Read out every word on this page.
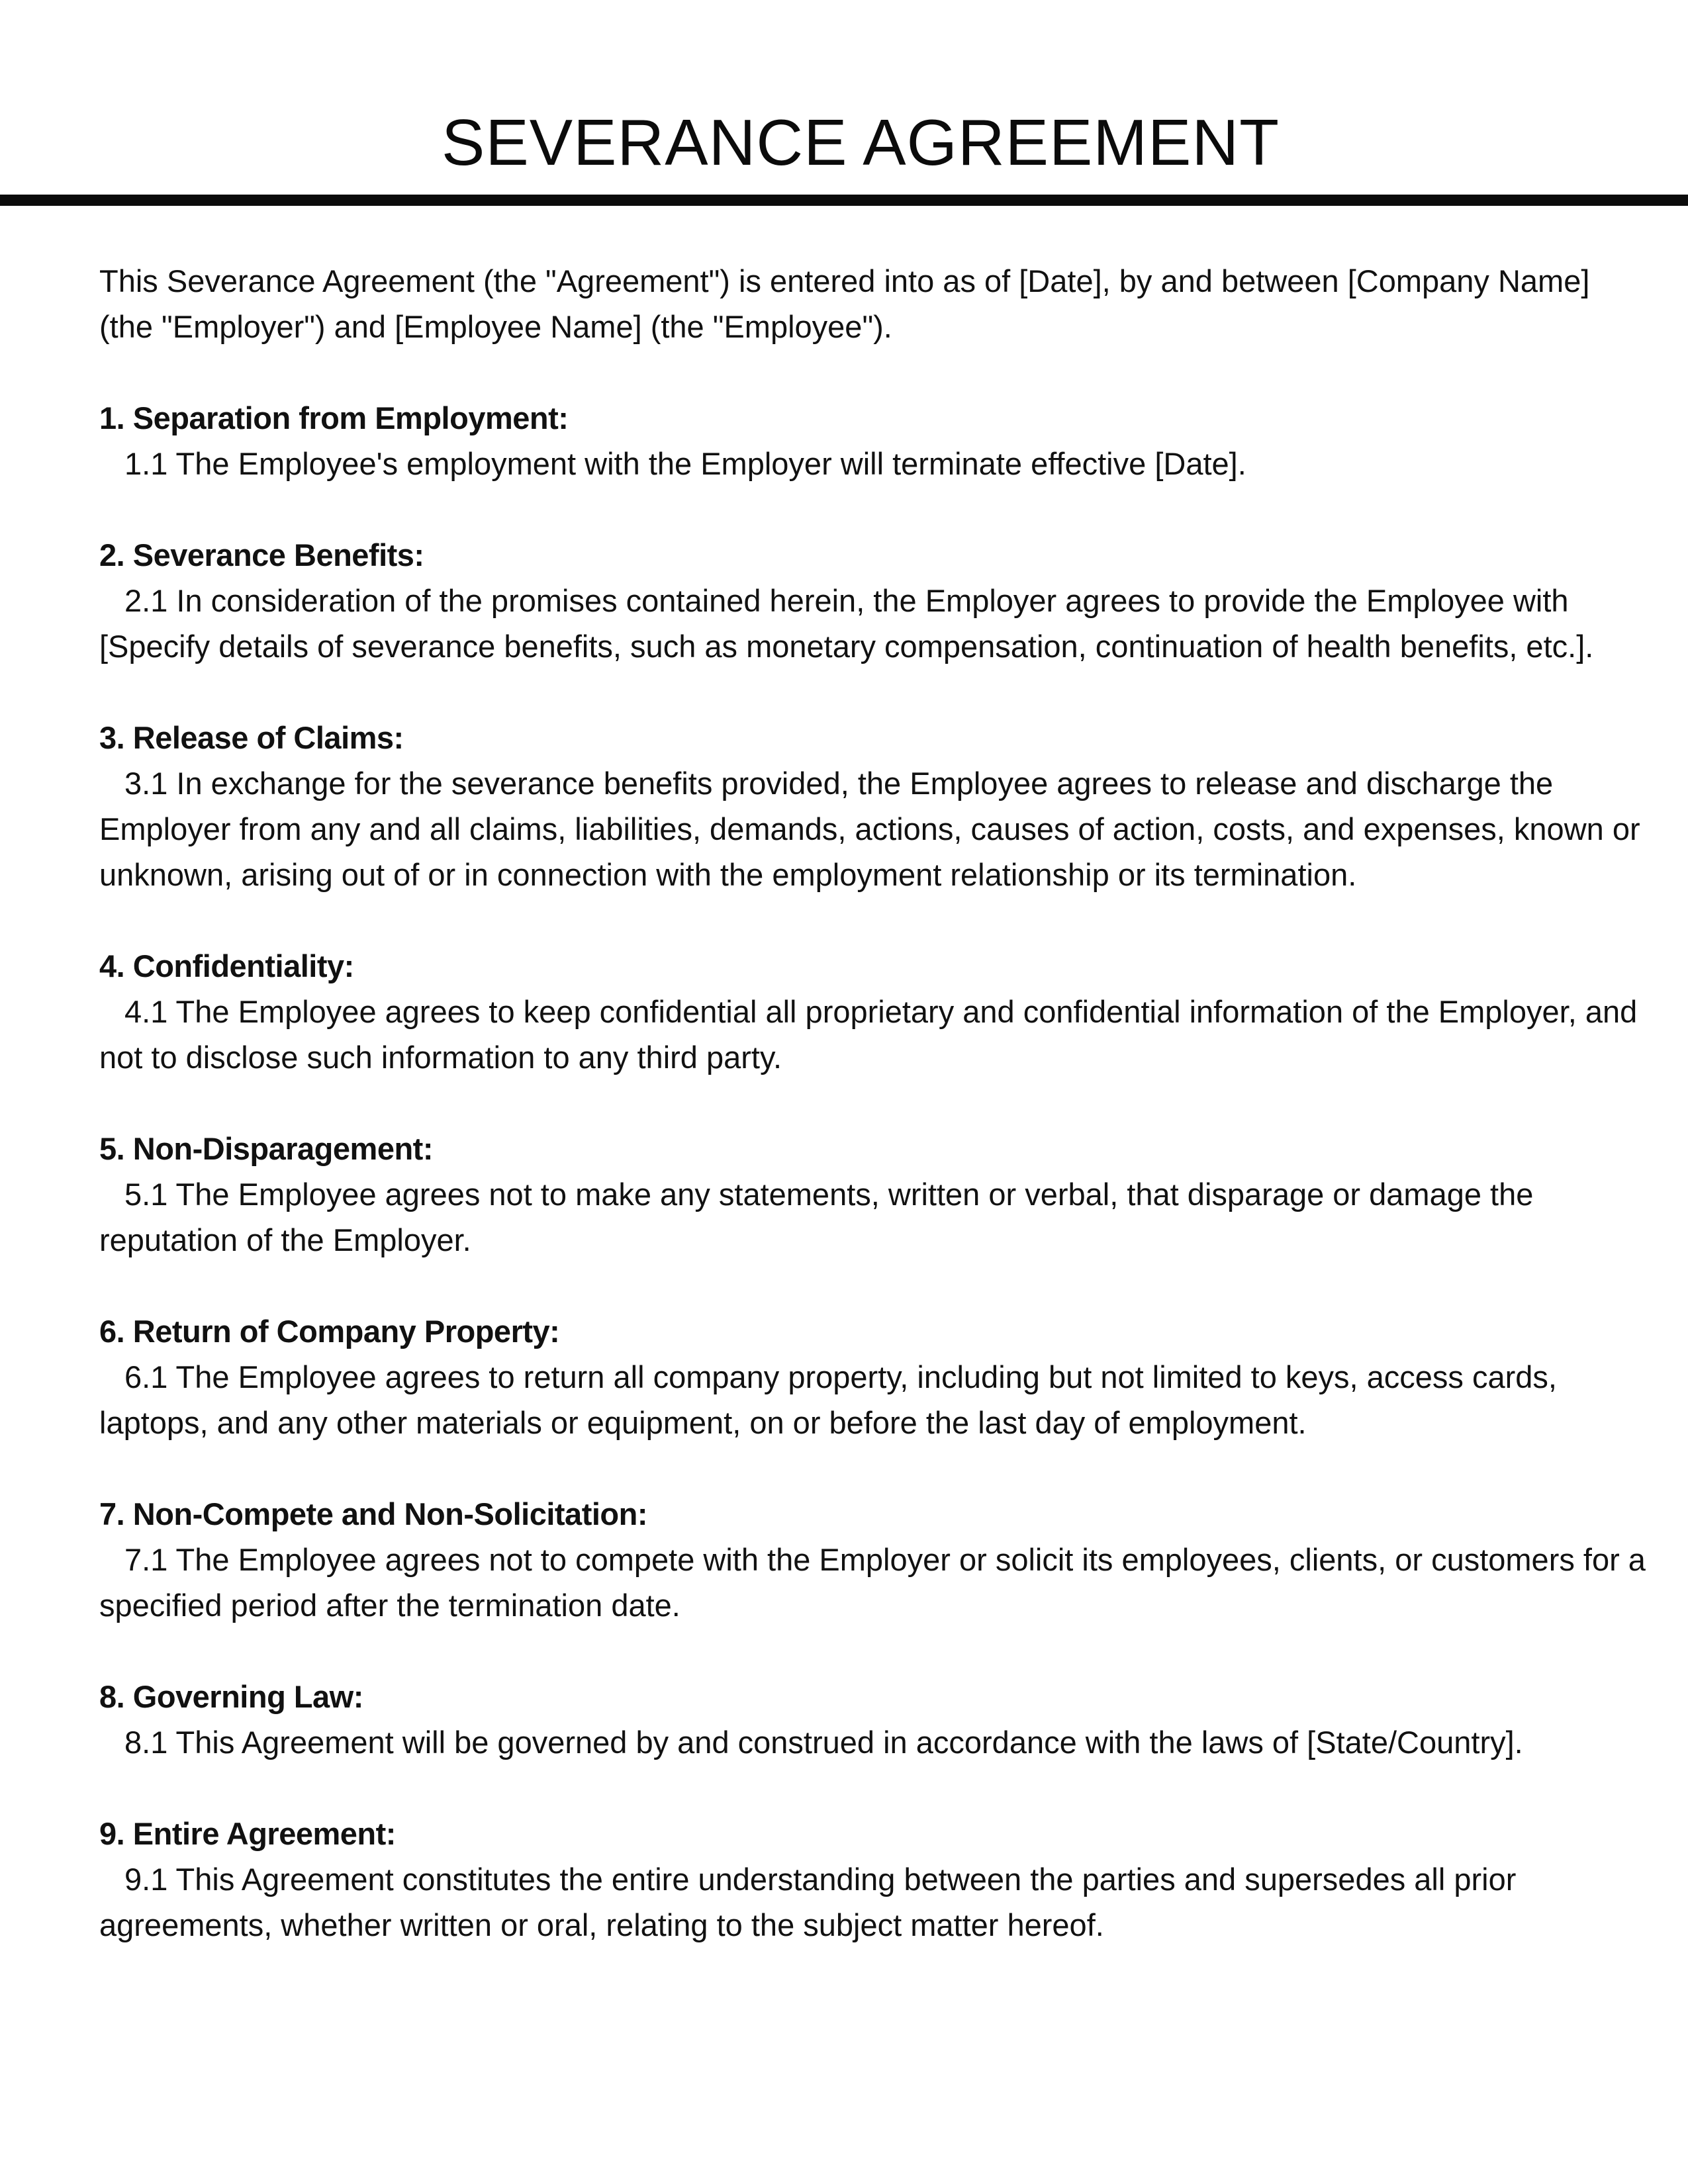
SEVERANCE AGREEMENT

This Severance Agreement (the "Agreement") is entered into as of [Date], by and between [Company Name] (the "Employer") and [Employee Name] (the "Employee").

1. Separation from Employment:
1.1 The Employee's employment with the Employer will terminate effective [Date].
2. Severance Benefits:
2.1 In consideration of the promises contained herein, the Employer agrees to provide the Employee with [Specify details of severance benefits, such as monetary compensation, continuation of health benefits, etc.].
3. Release of Claims:
3.1 In exchange for the severance benefits provided, the Employee agrees to release and discharge the Employer from any and all claims, liabilities, demands, actions, causes of action, costs, and expenses, known or unknown, arising out of or in connection with the employment relationship or its termination.
4. Confidentiality:
4.1 The Employee agrees to keep confidential all proprietary and confidential information of the Employer, and not to disclose such information to any third party.
5. Non-Disparagement:
5.1 The Employee agrees not to make any statements, written or verbal, that disparage or damage the reputation of the Employer.
6. Return of Company Property:
6.1 The Employee agrees to return all company property, including but not limited to keys, access cards, laptops, and any other materials or equipment, on or before the last day of employment.
7. Non-Compete and Non-Solicitation:
7.1 The Employee agrees not to compete with the Employer or solicit its employees, clients, or customers for a specified period after the termination date.
8. Governing Law:
8.1 This Agreement will be governed by and construed in accordance with the laws of [State/Country].
9. Entire Agreement:
9.1 This Agreement constitutes the entire understanding between the parties and supersedes all prior agreements, whether written or oral, relating to the subject matter hereof.
